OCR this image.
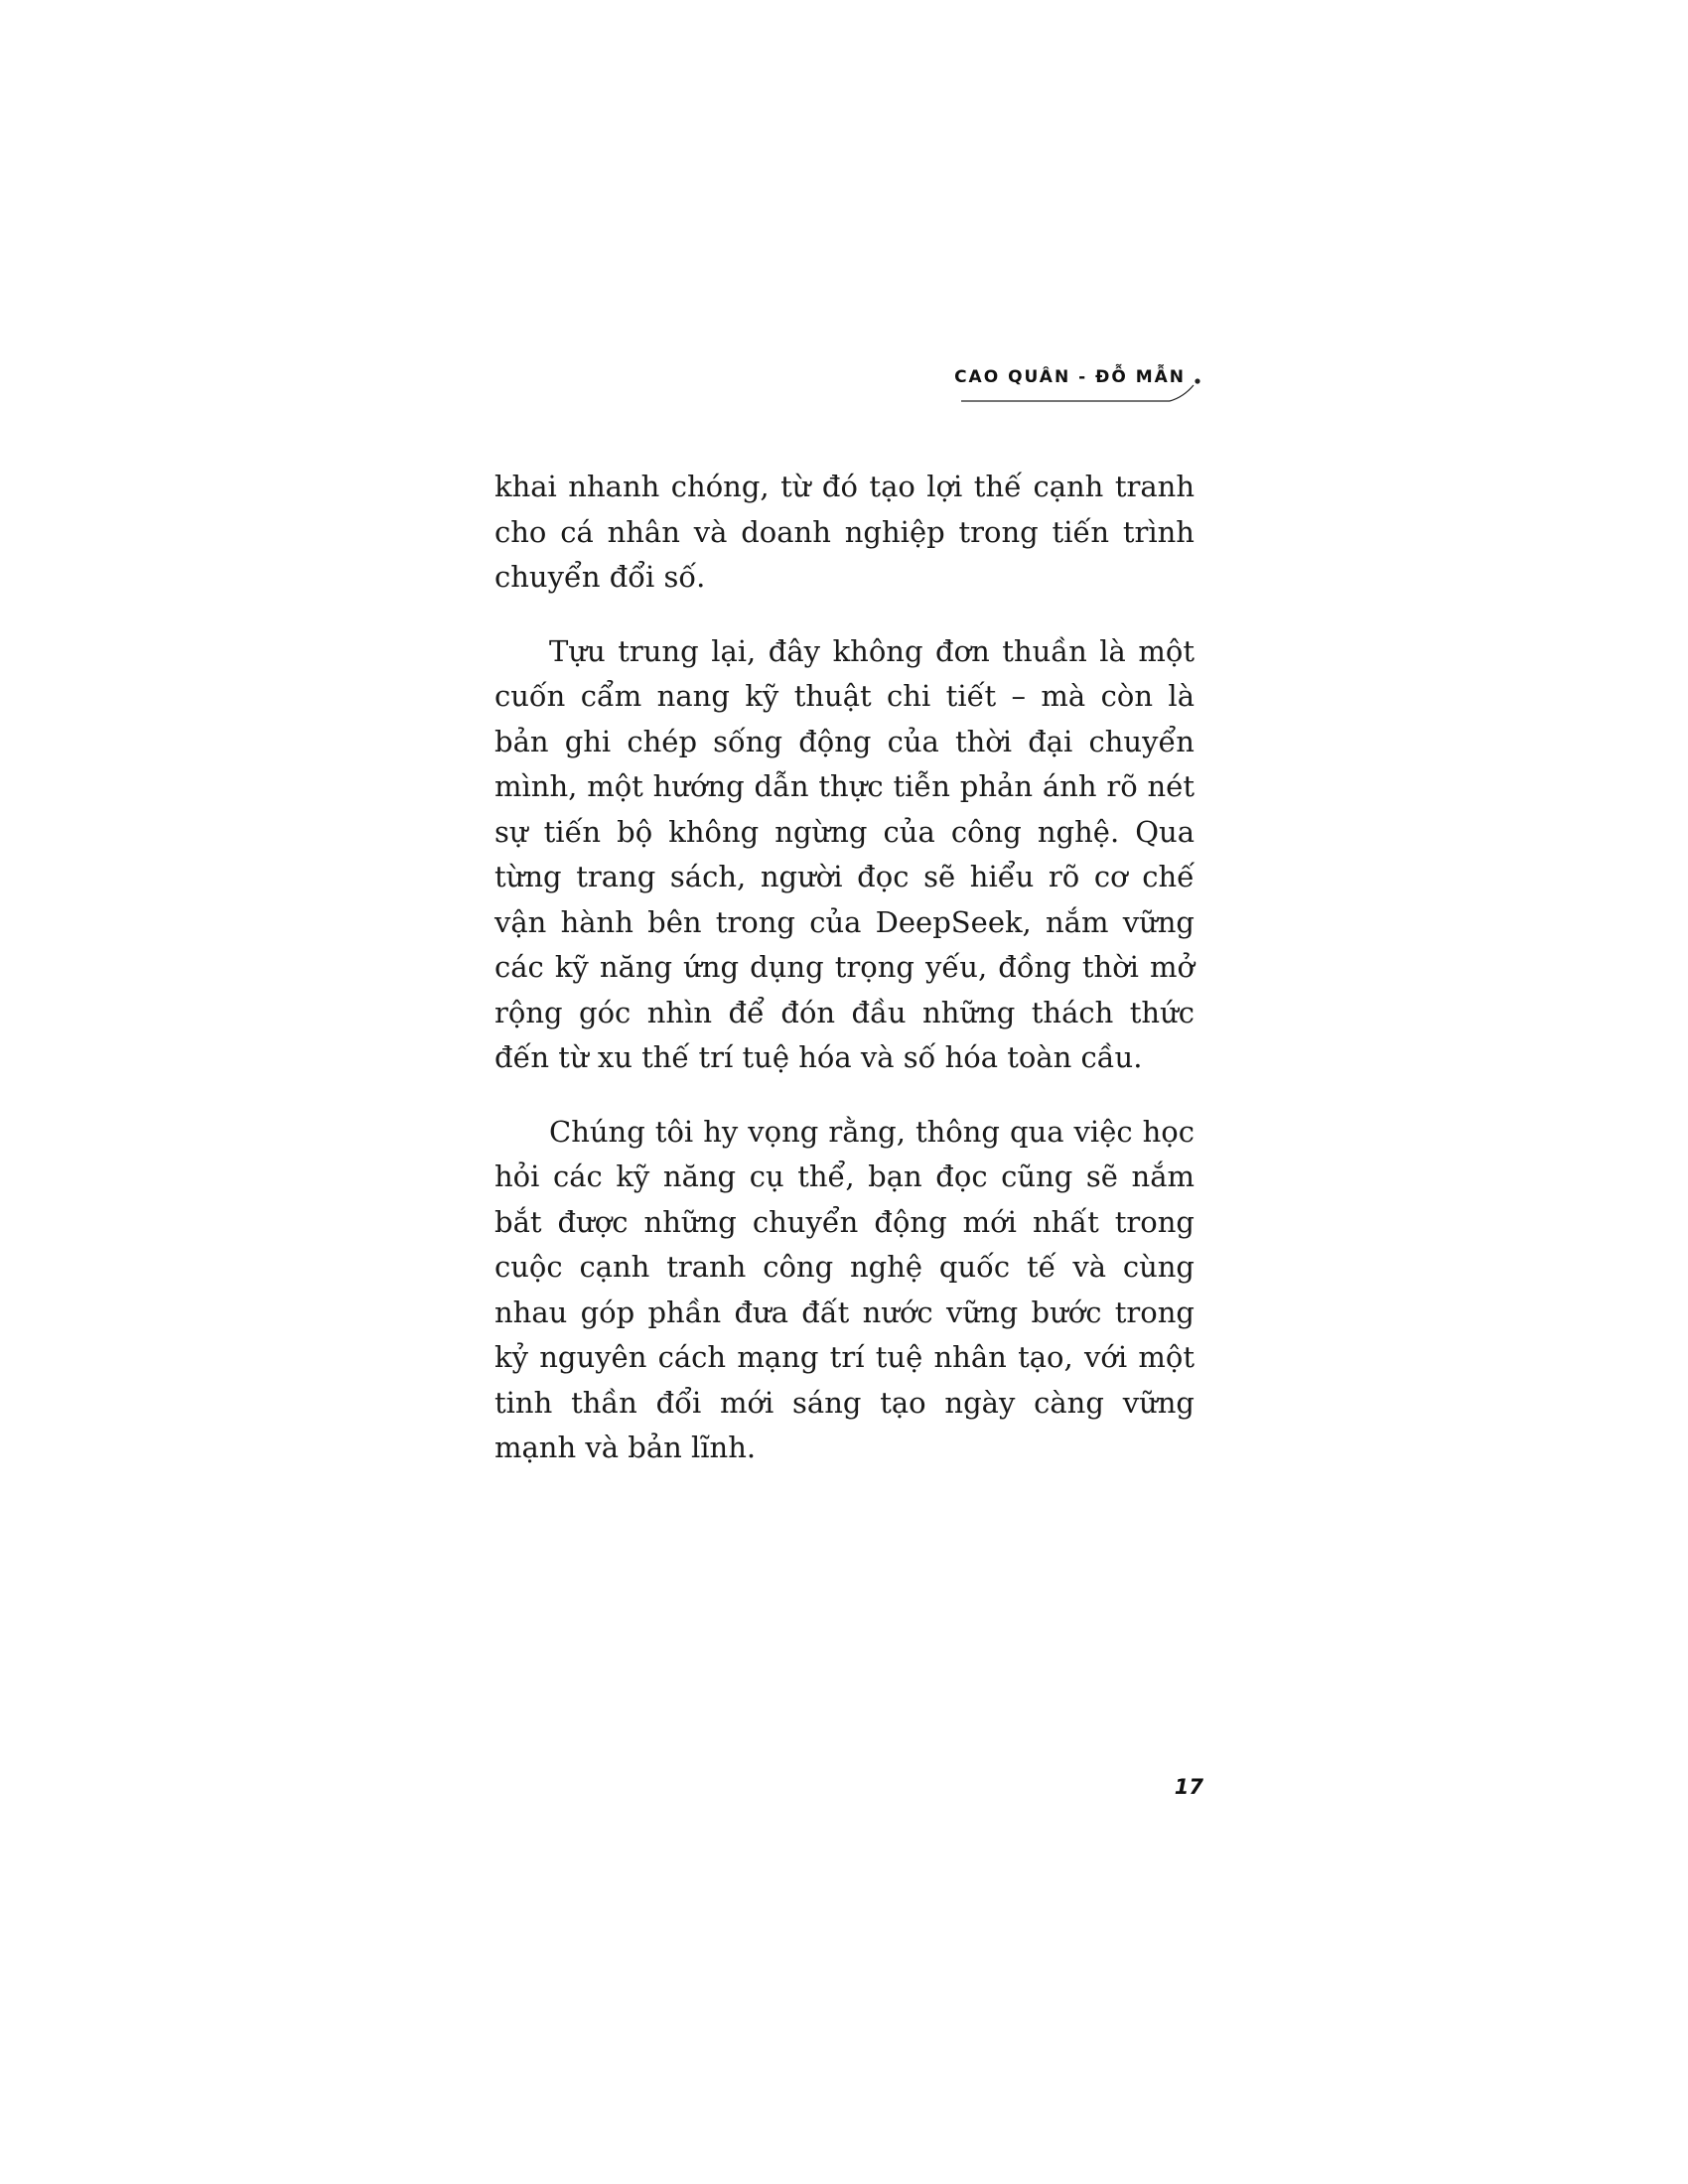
CAO QUÂN - ĐỖ MẪN

khai nhanh chóng, từ đó tạo lợi thế cạnh tranh cho cá nhân và doanh nghiệp trong tiến trình chuyển đổi số.

Tựu trung lại, đây không đơn thuần là một cuốn cẩm nang kỹ thuật chi tiết – mà còn là bản ghi chép sống động của thời đại chuyển mình, một hướng dẫn thực tiễn phản ánh rõ nét sự tiến bộ không ngừng của công nghệ. Qua từng trang sách, người đọc sẽ hiểu rõ cơ chế vận hành bên trong của DeepSeek, nắm vững các kỹ năng ứng dụng trọng yếu, đồng thời mở rộng góc nhìn để đón đầu những thách thức đến từ xu thế trí tuệ hóa và số hóa toàn cầu.

Chúng tôi hy vọng rằng, thông qua việc học hỏi các kỹ năng cụ thể, bạn đọc cũng sẽ nắm bắt được những chuyển động mới nhất trong cuộc cạnh tranh công nghệ quốc tế và cùng nhau góp phần đưa đất nước vững bước trong kỷ nguyên cách mạng trí tuệ nhân tạo, với một tinh thần đổi mới sáng tạo ngày càng vững mạnh và bản lĩnh.

17
